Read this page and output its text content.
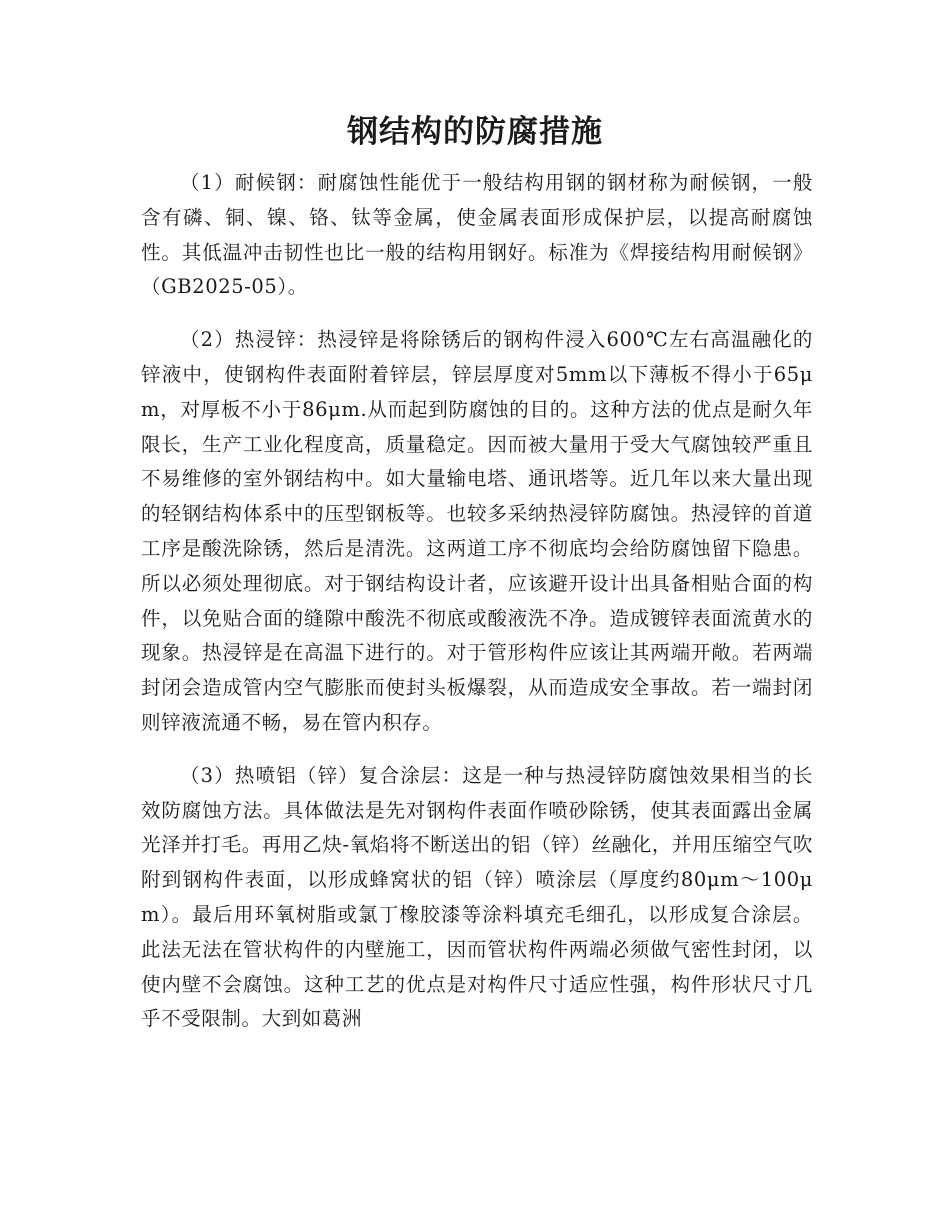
钢结构的防腐措施

（1）耐候钢：耐腐蚀性能优于一般结构用钢的钢材称为耐候钢，一般含有磷、铜、镍、铬、钛等金属，使金属表面形成保护层，以提高耐腐蚀性。其低温冲击韧性也比一般的结构用钢好。标准为《焊接结构用耐候钢》（GB2025-05）。

（2）热浸锌：热浸锌是将除锈后的钢构件浸入600℃左右高温融化的锌液中，使钢构件表面附着锌层，锌层厚度对5mm以下薄板不得小于65μm，对厚板不小于86μm.从而起到防腐蚀的目的。这种方法的优点是耐久年限长，生产工业化程度高，质量稳定。因而被大量用于受大气腐蚀较严重且不易维修的室外钢结构中。如大量输电塔、通讯塔等。近几年以来大量出现的轻钢结构体系中的压型钢板等。也较多采纳热浸锌防腐蚀。热浸锌的首道工序是酸洗除锈，然后是清洗。这两道工序不彻底均会给防腐蚀留下隐患。所以必须处理彻底。对于钢结构设计者，应该避开设计出具备相贴合面的构件，以免贴合面的缝隙中酸洗不彻底或酸液洗不净。造成镀锌表面流黄水的现象。热浸锌是在高温下进行的。对于管形构件应该让其两端开敞。若两端封闭会造成管内空气膨胀而使封头板爆裂，从而造成安全事故。若一端封闭则锌液流通不畅，易在管内积存。

（3）热喷铝（锌）复合涂层：这是一种与热浸锌防腐蚀效果相当的长效防腐蚀方法。具体做法是先对钢构件表面作喷砂除锈，使其表面露出金属光泽并打毛。再用乙炔-氧焰将不断送出的铝（锌）丝融化，并用压缩空气吹附到钢构件表面，以形成蜂窝状的铝（锌）喷涂层（厚度约80μm～100μm）。最后用环氧树脂或氯丁橡胶漆等涂料填充毛细孔，以形成复合涂层。此法无法在管状构件的内壁施工，因而管状构件两端必须做气密性封闭，以使内壁不会腐蚀。这种工艺的优点是对构件尺寸适应性强，构件形状尺寸几乎不受限制。大到如葛洲
